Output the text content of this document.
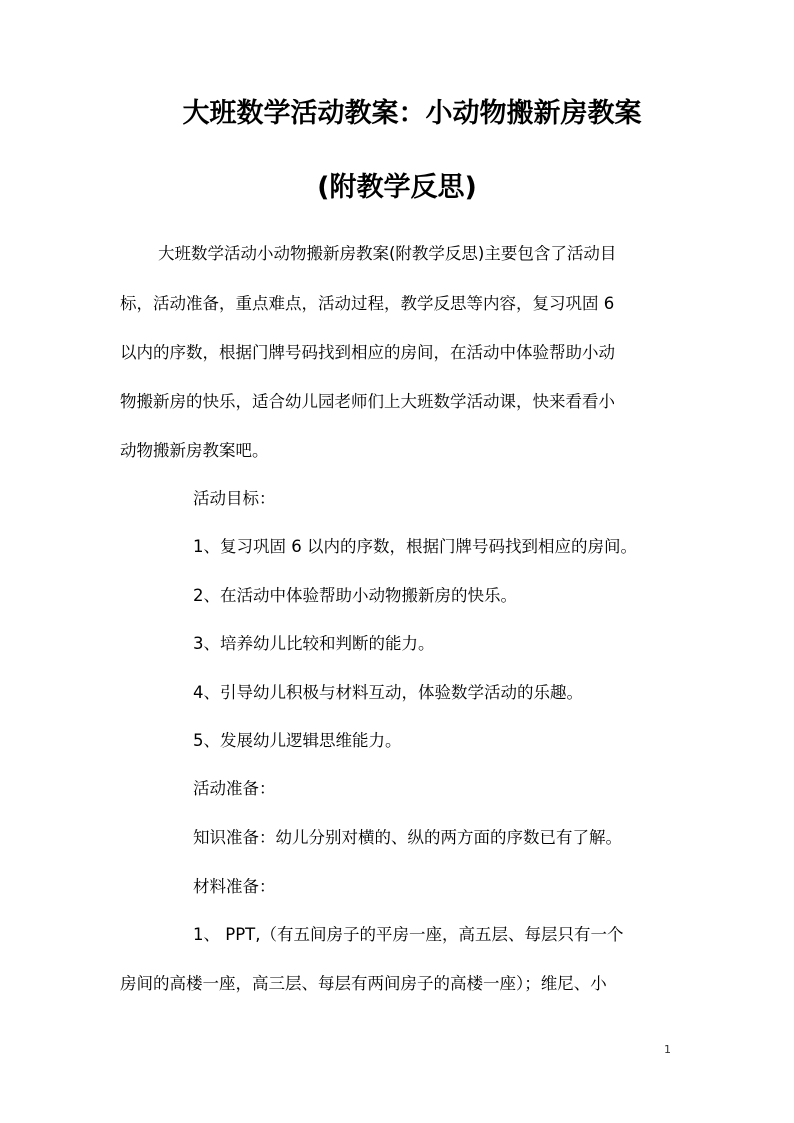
大班数学活动教案：小动物搬新房教案
(附教学反思)
大班数学活动小动物搬新房教案(附教学反思)主要包含了活动目
标，活动准备，重点难点，活动过程，教学反思等内容，复习巩固 6
以内的序数，根据门牌号码找到相应的房间，在活动中体验帮助小动
物搬新房的快乐，适合幼儿园老师们上大班数学活动课，快来看看小
动物搬新房教案吧。
活动目标：
1、复习巩固 6 以内的序数，根据门牌号码找到相应的房间。
2、在活动中体验帮助小动物搬新房的快乐。
3、培养幼儿比较和判断的能力。
4、引导幼儿积极与材料互动，体验数学活动的乐趣。
5、发展幼儿逻辑思维能力。
活动准备：
知识准备：幼儿分别对横的、纵的两方面的序数已有了解。
材料准备：
1、 PPT,（有五间房子的平房一座，高五层、每层只有一个
房间的高楼一座，高三层、每层有两间房子的高楼一座）；维尼、小
1
